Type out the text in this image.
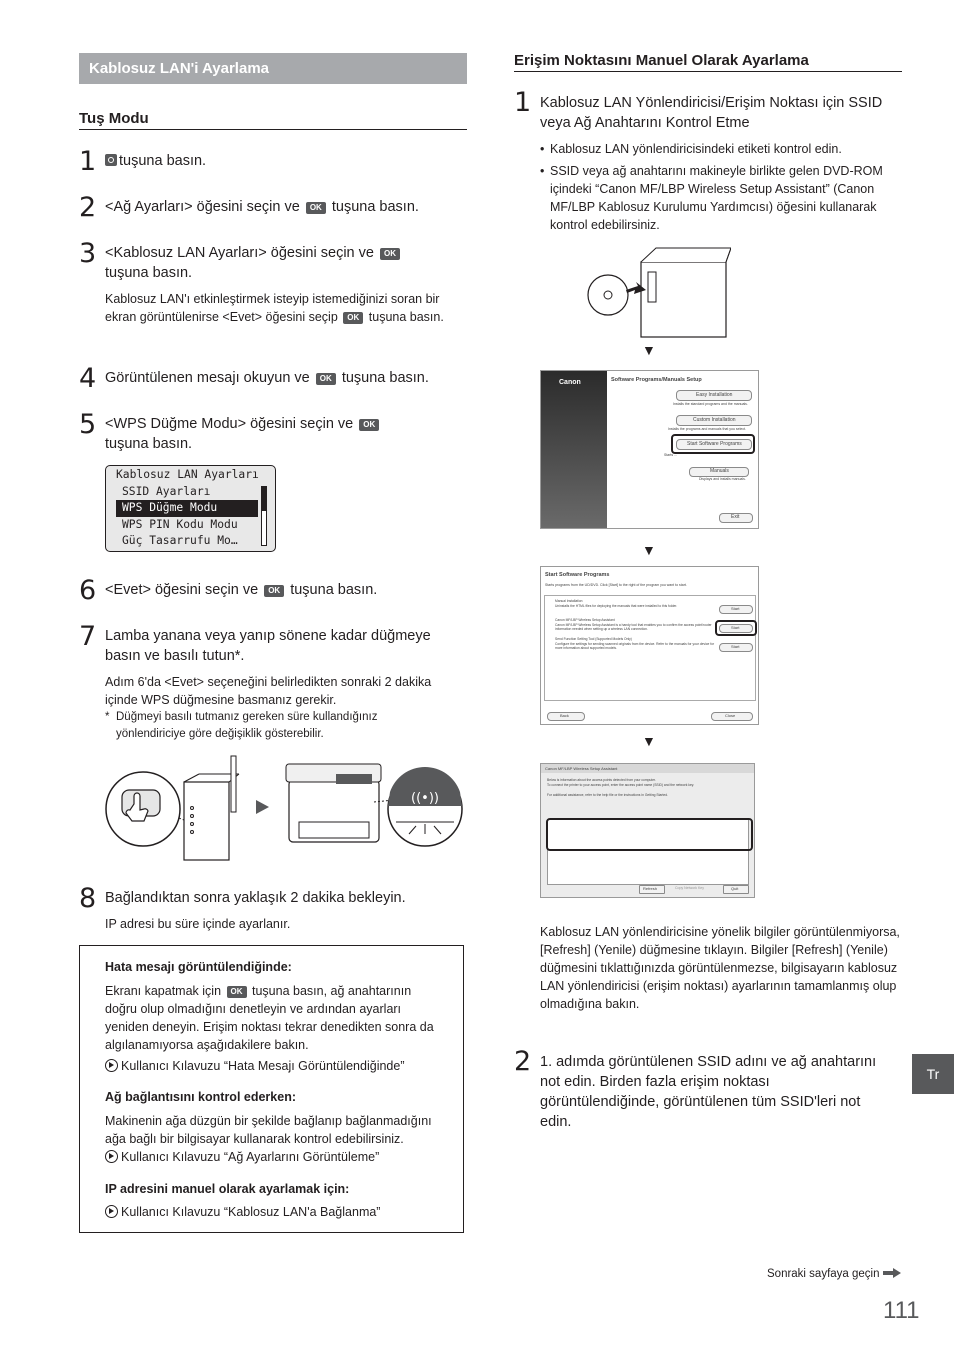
Kablosuz LAN'i Ayarlama
Tuş Modu
1	tuşuna basın.
2 <Ağ Ayarları> öğesini seçin ve OK tuşuna basın.
3 <Kablosuz LAN Ayarları> öğesini seçin ve OK tuşuna basın.
Kablosuz LAN'ı etkinleştirmek isteyip istemediğinizi soran bir ekran görüntülenirse <Evet> öğesini seçip OK tuşuna basın.
4 Görüntülenen mesajı okuyun ve OK tuşuna basın.
5 <WPS Düğme Modu> öğesini seçin ve OK tuşuna basın.
Kablosuz LAN Ayarları
SSID Ayarları
WPS Düğme Modu
WPS PIN Kodu Modu
Güç Tasarrufu Mo…
6 <Evet> öğesini seçin ve OK tuşuna basın.
7 Lamba yanana veya yanıp sönene kadar düğmeye basın ve basılı tutun*.
Adım 6'da <Evet> seçeneğini belirledikten sonraki 2 dakika içinde WPS düğmesine basmanız gerekir.
* Düğmeyi basılı tutmanız gereken süre kullandığınız yönlendiriciye göre değişiklik gösterebilir.
((•))
8 Bağlandıktan sonra yaklaşık 2 dakika bekleyin.
IP adresi bu süre içinde ayarlanır.
Hata mesajı görüntülendiğinde:
Ekranı kapatmak için OK tuşuna basın, ağ anahtarının doğru olup olmadığını denetleyin ve ardından ayarları yeniden deneyin. Erişim noktası tekrar denedikten sonra da algılanamıyorsa aşağıdakilere bakın.
Kullanıcı Kılavuzu “Hata Mesajı Görüntülendiğinde”
Ağ bağlantısını kontrol ederken:
Makinenin ağa düzgün bir şekilde bağlanıp bağlanmadığını ağa bağlı bir bilgisayar kullanarak kontrol edebilirsiniz.
Kullanıcı Kılavuzu “Ağ Ayarlarını Görüntüleme”
IP adresini manuel olarak ayarlamak için:
Kullanıcı Kılavuzu “Kablosuz LAN'a Bağlanma”
Erişim Noktasını Manuel Olarak Ayarlama
1 Kablosuz LAN Yönlendiricisi/Erişim Noktası için SSID veya Ağ Anahtarını Kontrol Etme
• Kablosuz LAN yönlendiricisindeki etiketi kontrol edin.
• SSID veya ağ anahtarını makineyle birlikte gelen DVD-ROM içindeki “Canon MF/LBP Wireless Setup Assistant” (Canon MF/LBP Kablosuz Kurulumu Yardımcısı) öğesini kullanarak kontrol edebilirsiniz.
▼
Canon	Software Programs/Manuals Setup
Easy Installation
Installs the standard programs and the manuals.
Custom Installation
Installs the programs and manuals that you select.
Start Software Programs
Starts ...
Manuals
Displays and installs manuals.
Exit
▼
Start Software Programs
Starts programs from the UD/DVD. Click [Start] to the right of the program you want to start.
Manual Installation
Uninstalls the HTML files for deploying the manuals that were installed to this folder.	Start
Canon MF/LBP Wireless Setup Assistant
Canon MF/LBP Wireless Setup Assistant is a handy tool that enables you to confirm the access point/router information needed when setting up a wireless LAN connection.	Start
Send Function Setting Tool (Supported Models Only)
Configure the settings for sending scanned originals from the device. Refer to the manuals for your device for more information about supported models.	Start
Back	Close
▼
Canon MF/LBP Wireless Setup Assistant
Below is information about the access points detected from your computer.
To connect the printer to your access point, enter the access point name (SSID) and the network key.
For additional assistance, refer to the help file or the instructions in Getting Started.
Refresh	Copy Network Key	Quit
Kablosuz LAN yönlendiricisine yönelik bilgiler görüntülenmiyorsa, [Refresh] (Yenile) düğmesine tıklayın. Bilgiler [Refresh] (Yenile) düğmesini tıklattığınızda görüntülenmezse, bilgisayarın kablosuz LAN yönlendiricisi (erişim noktası) ayarlarının tamamlanmış olup olmadığına bakın.
2 1. adımda görüntülenen SSID adını ve ağ anahtarını not edin. Birden fazla erişim noktası görüntülendiğinde, görüntülenen tüm SSID'leri not edin.
Tr
Sonraki sayfaya geçin
111
